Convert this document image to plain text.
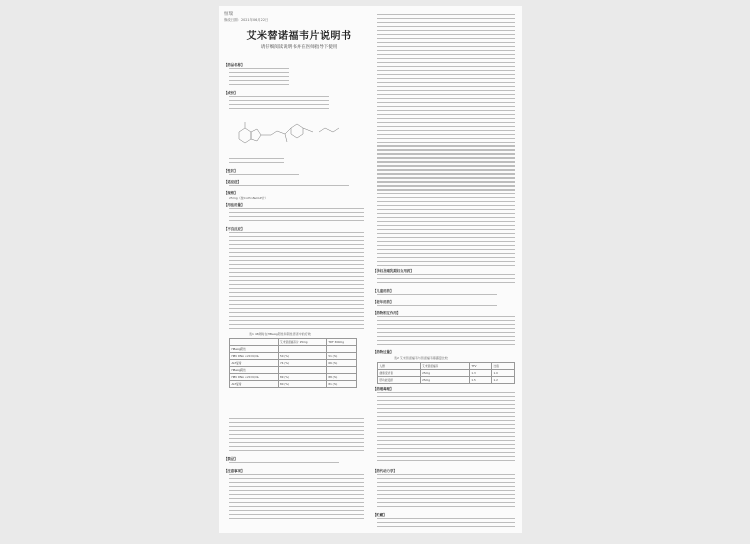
恒瑞
修改日期：2021年06月22日
艾米替诺福韦片说明书
请仔细阅读说明书并在医师指导下使用
【药品名称】
【成份】
【性状】
【适应症】
【规格】
25mg（按C₂₂H₂₉N₆O₅P计）
【用法用量】
【不良反应】
表1 48周时在HBeAg阳性和阴性患者中的疗效
	艾米替诺福韦片 25mg	TDF 300mg
HBeAg阳性		
HBV DNA <20 IU/mL	50 (%)	51 (%)
ALT复常	74 (%)	66 (%)
HBeAg阴性		
HBV DNA <20 IU/mL	89 (%)	88 (%)
ALT复常	80 (%)	81 (%)
【禁忌】
【注意事项】
【孕妇及哺乳期妇女用药】
【儿童用药】
【老年用药】
【药物相互作用】
【药物过量】
表2 艾米替诺福韦与替诺福韦暴露量比较
人群	艾米替诺福韦	TFV	比值
健康受试者	25mg	1.3	1.0
肝功能受损	25mg	1.5	1.2
【药理毒理】
【药代动力学】
【贮藏】
